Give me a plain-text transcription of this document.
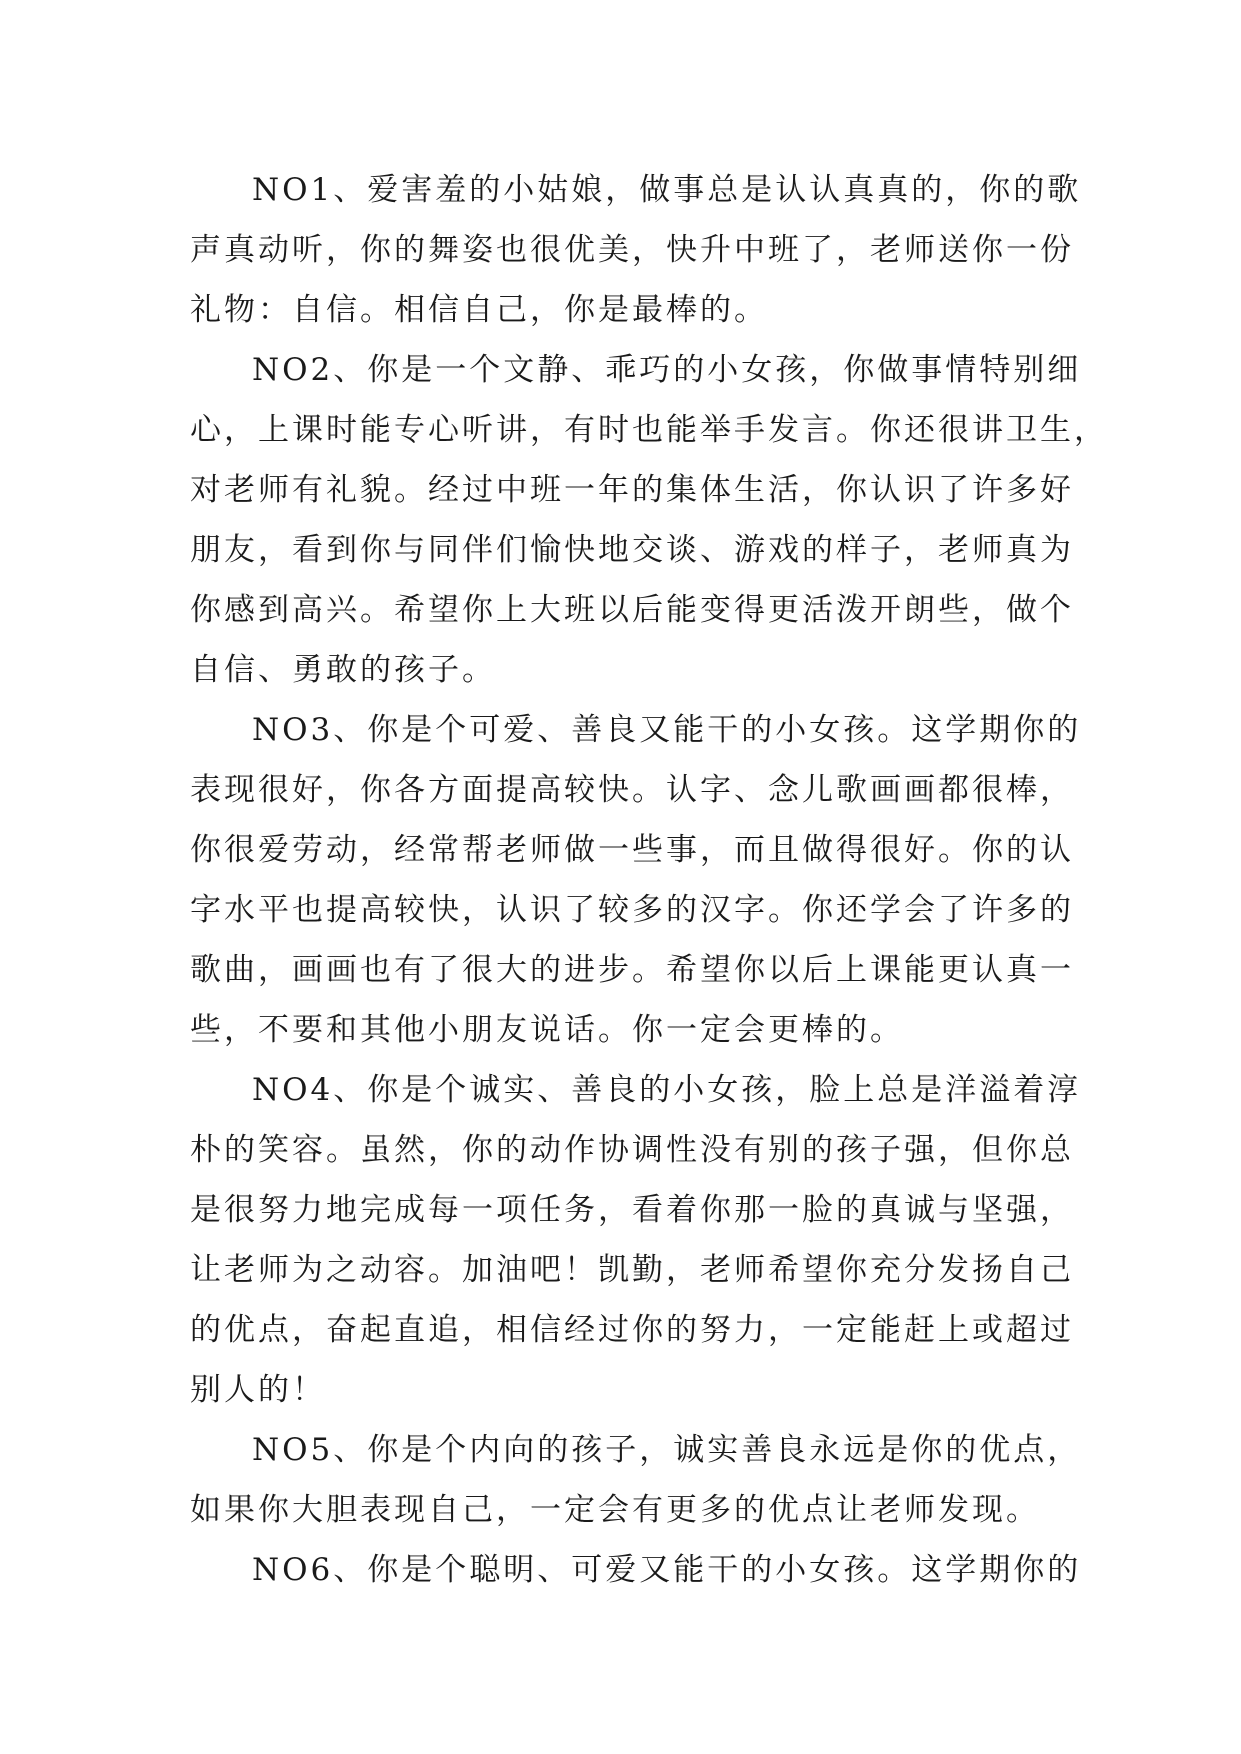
NO1、爱害羞的小姑娘，做事总是认认真真的，你的歌
声真动听，你的舞姿也很优美，快升中班了，老师送你一份
礼物：自信。相信自己，你是最棒的。
NO2、你是一个文静、乖巧的小女孩，你做事情特别细
心，上课时能专心听讲，有时也能举手发言。你还很讲卫生，
对老师有礼貌。经过中班一年的集体生活，你认识了许多好
朋友，看到你与同伴们愉快地交谈、游戏的样子，老师真为
你感到高兴。希望你上大班以后能变得更活泼开朗些，做个
自信、勇敢的孩子。
NO3、你是个可爱、善良又能干的小女孩。这学期你的
表现很好，你各方面提高较快。认字、念儿歌画画都很棒，
你很爱劳动，经常帮老师做一些事，而且做得很好。你的认
字水平也提高较快，认识了较多的汉字。你还学会了许多的
歌曲，画画也有了很大的进步。希望你以后上课能更认真一
些，不要和其他小朋友说话。你一定会更棒的。
NO4、你是个诚实、善良的小女孩，脸上总是洋溢着淳
朴的笑容。虽然，你的动作协调性没有别的孩子强，但你总
是很努力地完成每一项任务，看着你那一脸的真诚与坚强，
让老师为之动容。加油吧！凯勤，老师希望你充分发扬自己
的优点，奋起直追，相信经过你的努力，一定能赶上或超过
别人的！
NO5、你是个内向的孩子，诚实善良永远是你的优点，
如果你大胆表现自己，一定会有更多的优点让老师发现。
NO6、你是个聪明、可爱又能干的小女孩。这学期你的
